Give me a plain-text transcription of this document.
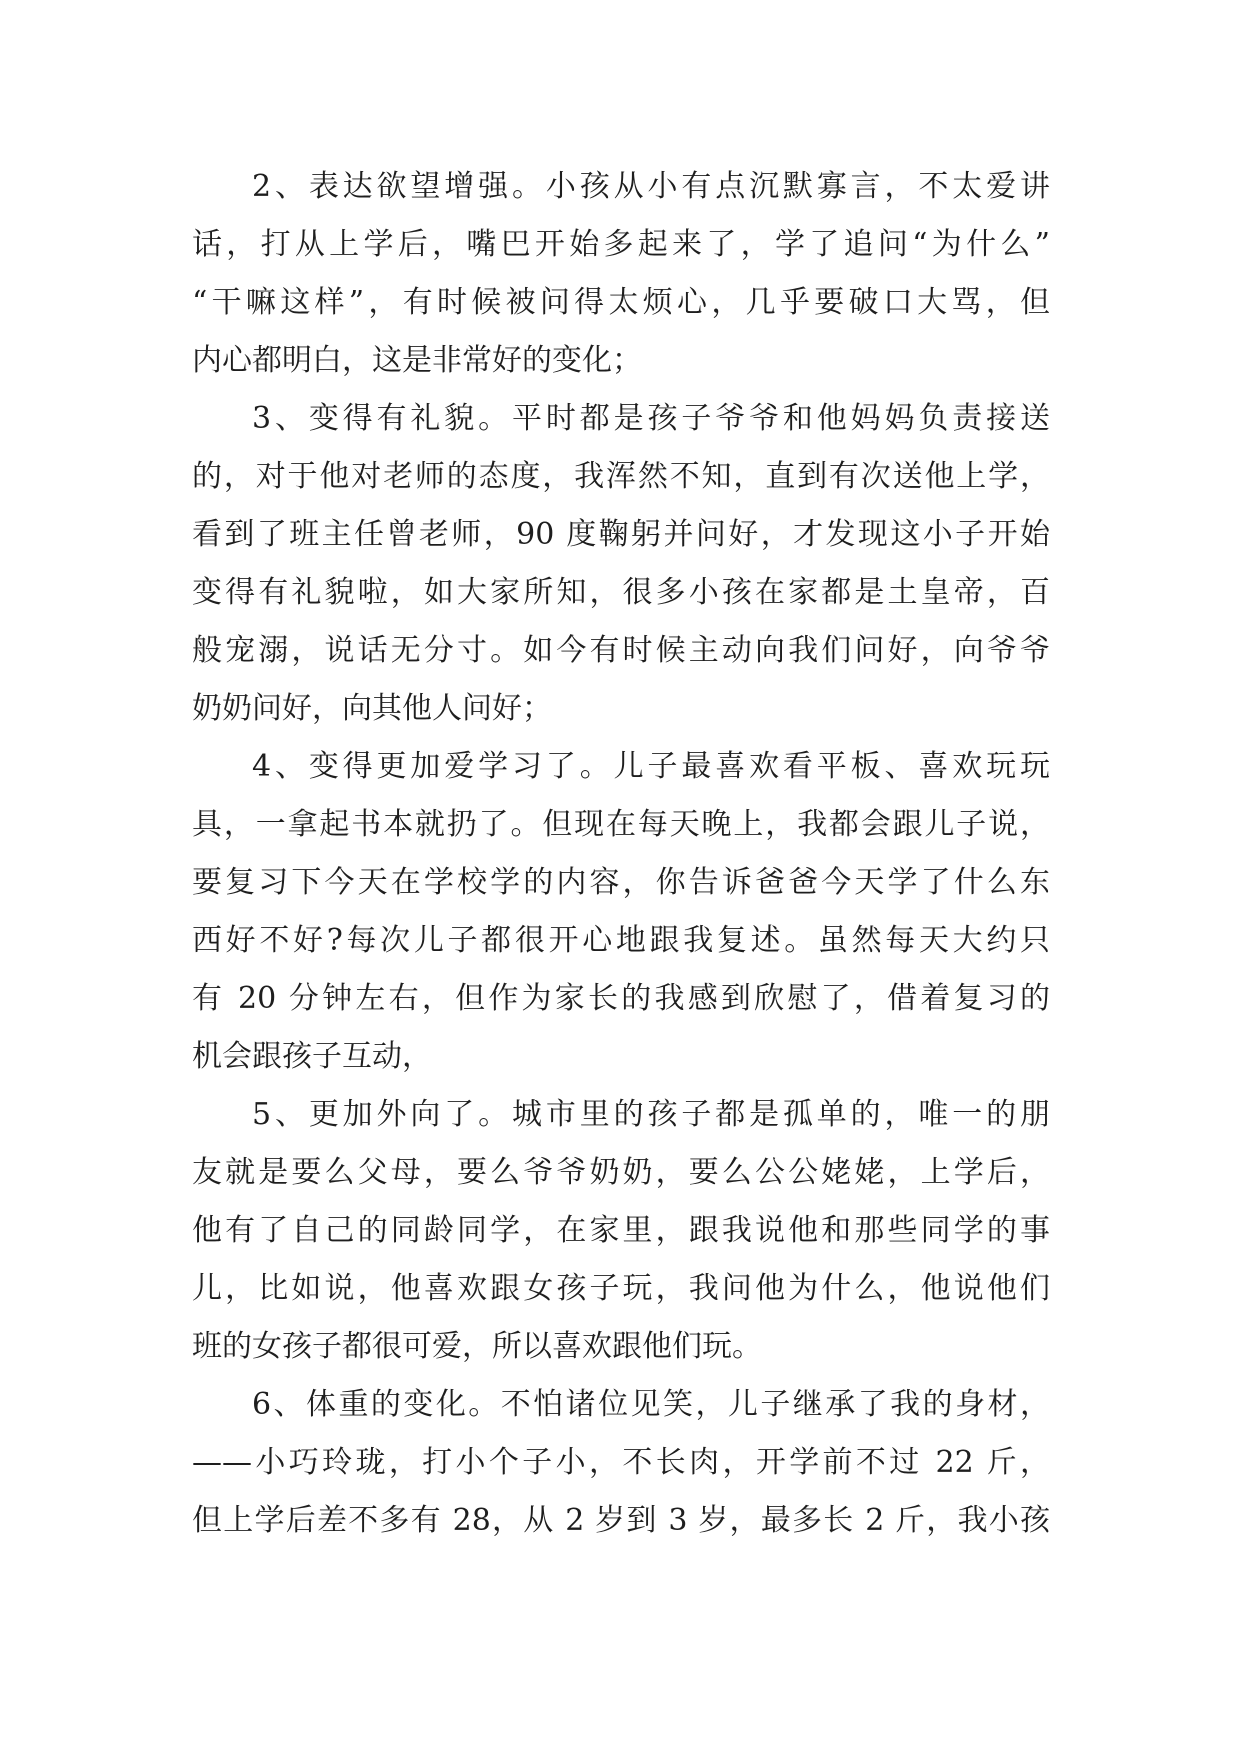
2、表达欲望增强。小孩从小有点沉默寡言，不太爱讲
话，打从上学后，嘴巴开始多起来了，学了追问“为什么”
“干嘛这样”，有时候被问得太烦心，几乎要破口大骂，但
内心都明白，这是非常好的变化；

3、变得有礼貌。平时都是孩子爷爷和他妈妈负责接送
的，对于他对老师的态度，我浑然不知，直到有次送他上学，
看到了班主任曾老师，90 度鞠躬并问好，才发现这小子开始
变得有礼貌啦，如大家所知，很多小孩在家都是土皇帝，百
般宠溺，说话无分寸。如今有时候主动向我们问好，向爷爷
奶奶问好，向其他人问好；

4、变得更加爱学习了。儿子最喜欢看平板、喜欢玩玩
具，一拿起书本就扔了。但现在每天晚上，我都会跟儿子说，
要复习下今天在学校学的内容，你告诉爸爸今天学了什么东
西好不好?每次儿子都很开心地跟我复述。虽然每天大约只
有 20 分钟左右，但作为家长的我感到欣慰了，借着复习的
机会跟孩子互动，

5、更加外向了。城市里的孩子都是孤单的，唯一的朋
友就是要么父母，要么爷爷奶奶，要么公公姥姥，上学后，
他有了自己的同龄同学，在家里，跟我说他和那些同学的事
儿，比如说，他喜欢跟女孩子玩，我问他为什么，他说他们
班的女孩子都很可爱，所以喜欢跟他们玩。

6、体重的变化。不怕诸位见笑，儿子继承了我的身材，
——小巧玲珑，打小个子小，不长肉，开学前不过 22 斤，
但上学后差不多有 28，从 2 岁到 3 岁，最多长 2 斤，我小孩
